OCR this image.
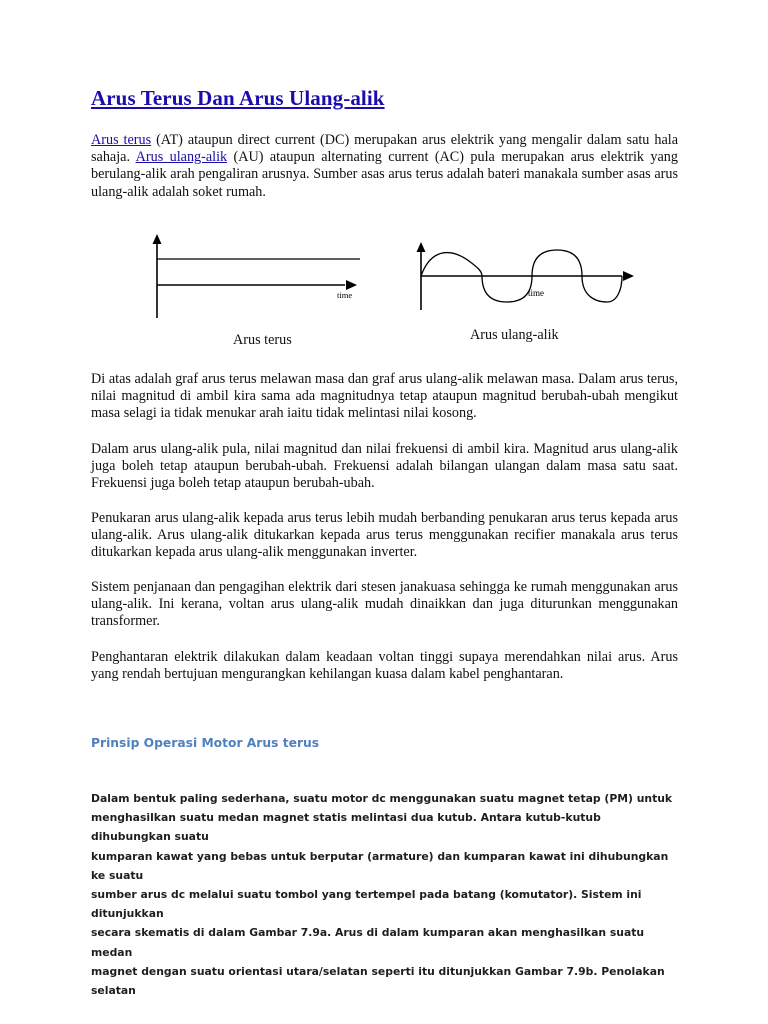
Arus Terus Dan Arus Ulang-alik

Arus terus (AT) ataupun direct current (DC) merupakan arus elektrik yang mengalir dalam satu hala sahaja. Arus ulang-alik (AU) ataupun alternating current (AC) pula merupakan arus elektrik yang berulang-alik arah pengaliran arusnya. Sumber asas arus terus adalah bateri manakala sumber asas arus ulang-alik adalah soket rumah.

time	time
Arus terus	Arus ulang-alik

Di atas adalah graf arus terus melawan masa dan graf arus ulang-alik melawan masa. Dalam arus terus, nilai magnitud di ambil kira sama ada magnitudnya tetap ataupun magnitud berubah-ubah mengikut masa selagi ia tidak menukar arah iaitu tidak melintasi nilai kosong.

Dalam arus ulang-alik pula, nilai magnitud dan nilai frekuensi di ambil kira. Magnitud arus ulang-alik juga boleh tetap ataupun berubah-ubah. Frekuensi adalah bilangan ulangan dalam masa satu saat. Frekuensi juga boleh tetap ataupun berubah-ubah.

Penukaran arus ulang-alik kepada arus terus lebih mudah berbanding penukaran arus terus kepada arus ulang-alik. Arus ulang-alik ditukarkan kepada arus terus menggunakan recifier manakala arus terus ditukarkan kepada arus ulang-alik menggunakan inverter.

Sistem penjanaan dan pengagihan elektrik dari stesen janakuasa sehingga ke rumah menggunakan arus ulang-alik. Ini kerana, voltan arus ulang-alik mudah dinaikkan dan juga diturunkan menggunakan transformer.

Penghantaran elektrik dilakukan dalam keadaan voltan tinggi supaya merendahkan nilai arus. Arus yang rendah bertujuan mengurangkan kehilangan kuasa dalam kabel penghantaran.

Prinsip Operasi Motor Arus terus
Dalam bentuk paling sederhana, suatu motor dc menggunakan suatu magnet tetap (PM) untuk
menghasilkan suatu medan magnet statis melintasi dua kutub. Antara kutub-kutub dihubungkan suatu
kumparan kawat yang bebas untuk berputar (armature) dan kumparan kawat ini dihubungkan ke suatu
sumber arus dc melalui suatu tombol yang tertempel pada batang (komutator). Sistem ini ditunjukkan
secara skematis di dalam Gambar 7.9a. Arus di dalam kumparan akan menghasilkan suatu medan
magnet dengan suatu orientasi utara/selatan seperti itu ditunjukkan Gambar 7.9b. Penolakan selatan
